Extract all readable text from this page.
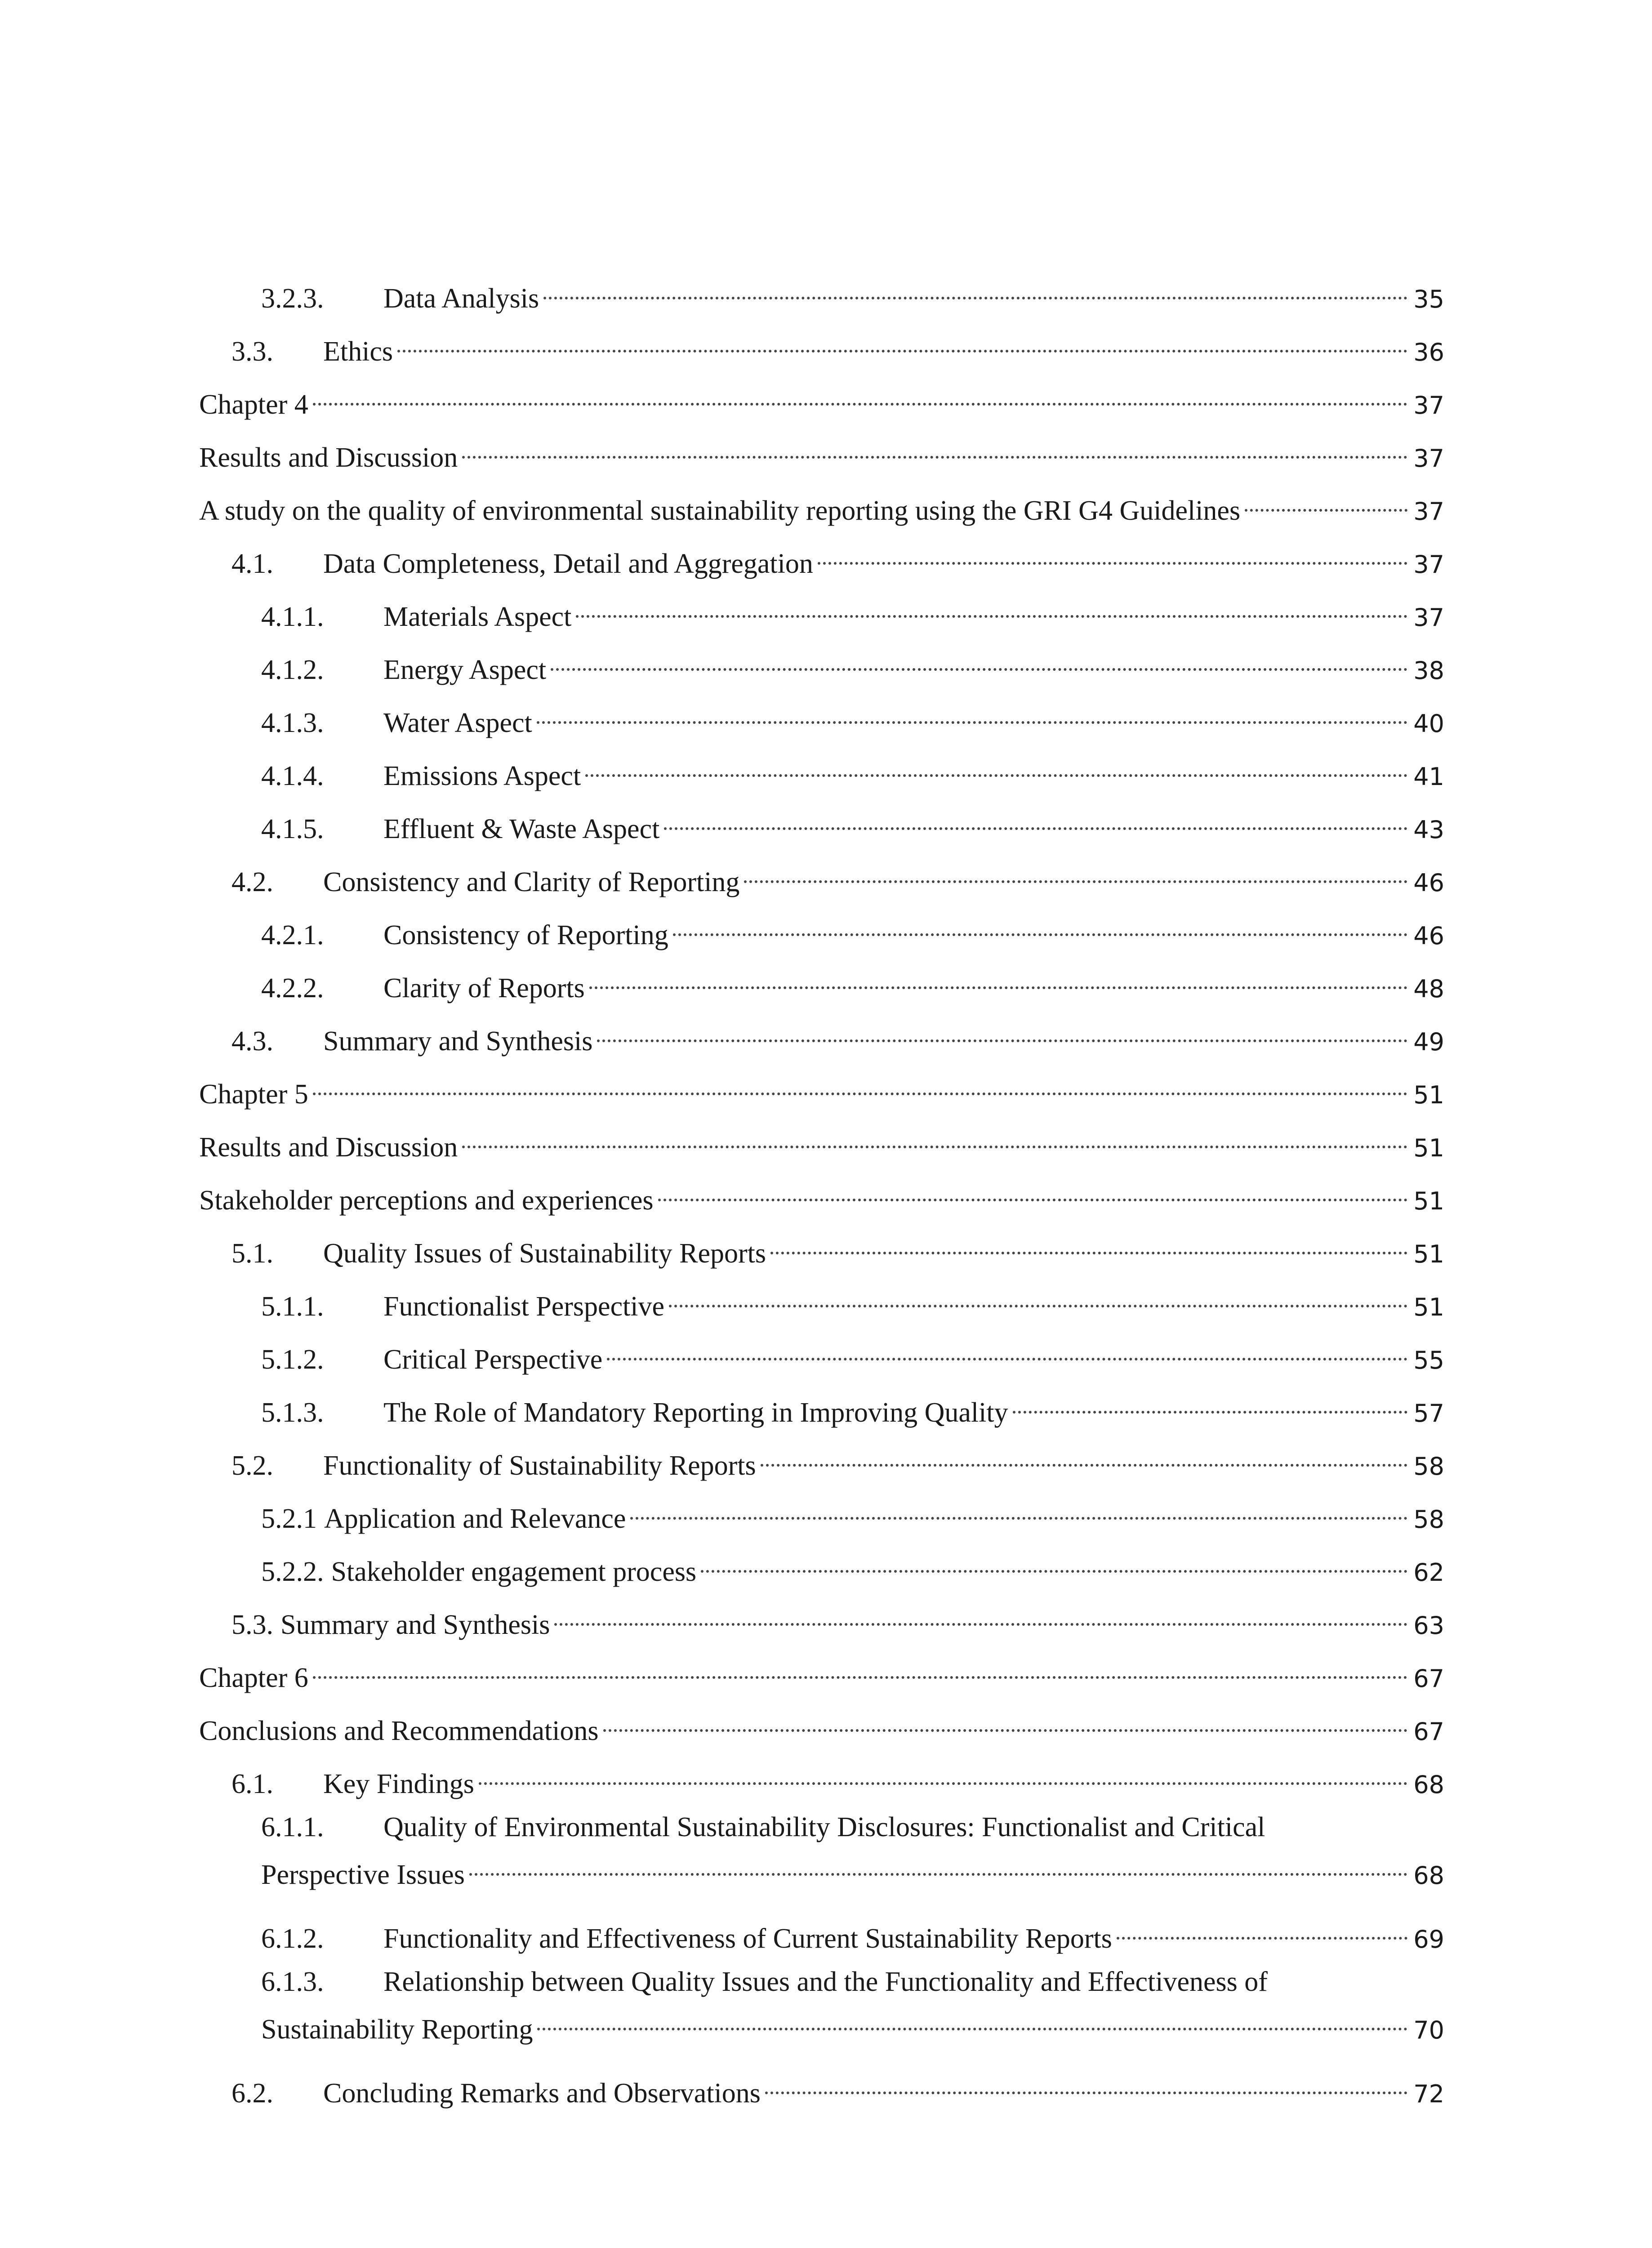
3.2.3.	Data Analysis	35
3.3.	Ethics	36
Chapter 4	37
Results and Discussion	37
A study on the quality of environmental sustainability reporting using the GRI G4 Guidelines	37
4.1.	Data Completeness, Detail and Aggregation	37
4.1.1.	Materials Aspect	37
4.1.2.	Energy Aspect	38
4.1.3.	Water Aspect	40
4.1.4.	Emissions Aspect	41
4.1.5.	Effluent & Waste Aspect	43
4.2.	Consistency and Clarity of Reporting	46
4.2.1.	Consistency of Reporting	46
4.2.2.	Clarity of Reports	48
4.3.	Summary and Synthesis	49
Chapter 5	51
Results and Discussion	51
Stakeholder perceptions and experiences	51
5.1.	Quality Issues of Sustainability Reports	51
5.1.1.	Functionalist Perspective	51
5.1.2.	Critical Perspective	55
5.1.3.	The Role of Mandatory Reporting in Improving Quality	57
5.2.	Functionality of Sustainability Reports	58
5.2.1 Application and Relevance	58
5.2.2. Stakeholder engagement process	62
5.3. Summary and Synthesis	63
Chapter 6	67
Conclusions and Recommendations	67
6.1.	Key Findings	68
6.1.1. Quality of Environmental Sustainability Disclosures: Functionalist and Critical
Perspective Issues	68
6.1.2.	Functionality and Effectiveness of Current Sustainability Reports	69
6.1.3. Relationship between Quality Issues and the Functionality and Effectiveness of
Sustainability Reporting	70
6.2.	Concluding Remarks and Observations	72
